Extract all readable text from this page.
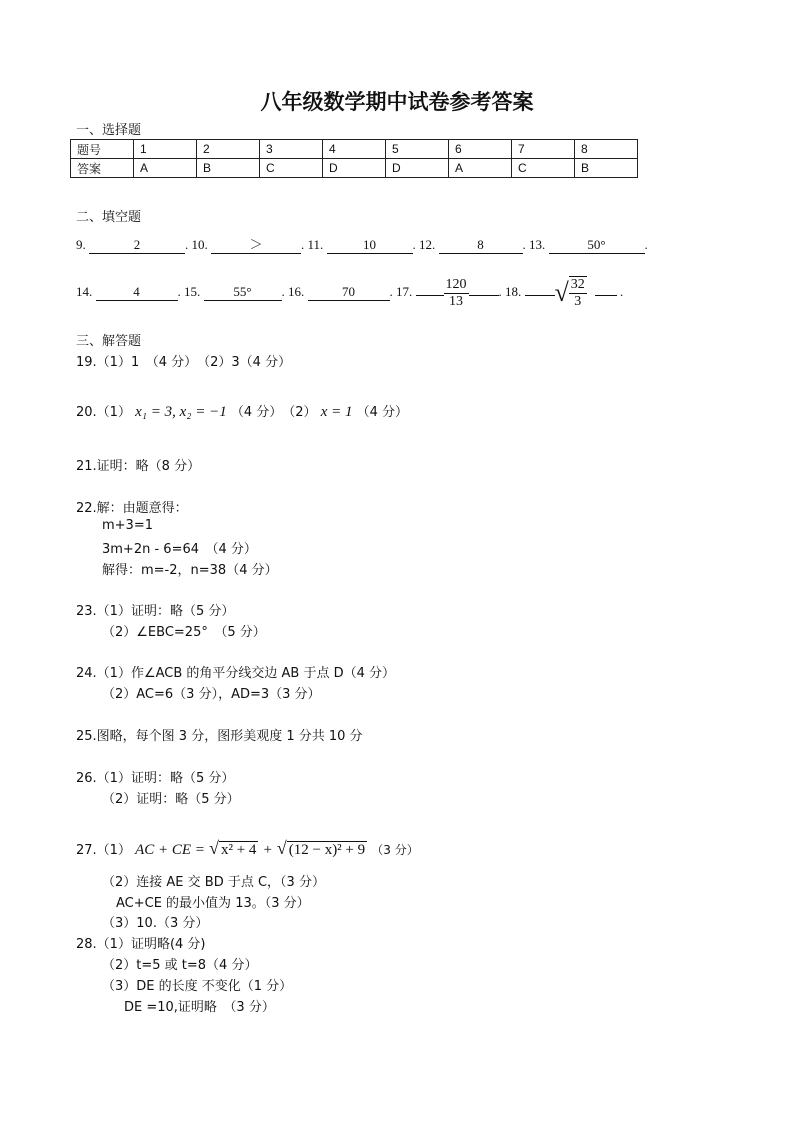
八年级数学期中试卷参考答案
一、选择题
题号	1	2	3	4	5	6	7	8
答案	A	B	C	D	D	A	C	B
二、填空题
9.	2	. 10.	＞	. 11.	10	. 12.	8	. 13.	50°	.
14.	4	. 15.	55° . 16.	70	. 17. $\frac{120}{13}$ . 18. √ $\frac{32}{3}$ .
三、解答题
19.（1）1　（4 分）　（2）3（4 分）
20.（1） x₁ = 3, x₂ = −1 （4 分）　（2） x = 1 （4 分）
21.证明：略（8 分）
22.解：由题意得：
m+3=1
3m+2n - 6=64　（4 分）
解得：m=-2，n=38（4 分）
23.（1）证明：略（5 分）
（2）∠EBC=25°　（5 分）
24.（1）作∠ACB 的角平分线交边 AB 于点 D（4 分）
（2）AC=6（3 分），AD=3（3 分）
25.图略，每个图 3 分，图形美观度 1 分共 10 分
26.（1）证明：略（5 分）
（2）证明：略（5 分）
27.（1） AC + CE = √ x² + 4 + √ (12 − x)² + 9 （3 分）
（2）连接 AE 交 BD 于点 C，（3 分）
AC+CE 的最小值为 13。（3 分）
（3）10.（3 分）
28.（1）证明略(4 分)
（2）t=5 或 t=8（4 分）
（3）DE 的长度 不变化（1 分）
DE =10,证明略　（3 分）
